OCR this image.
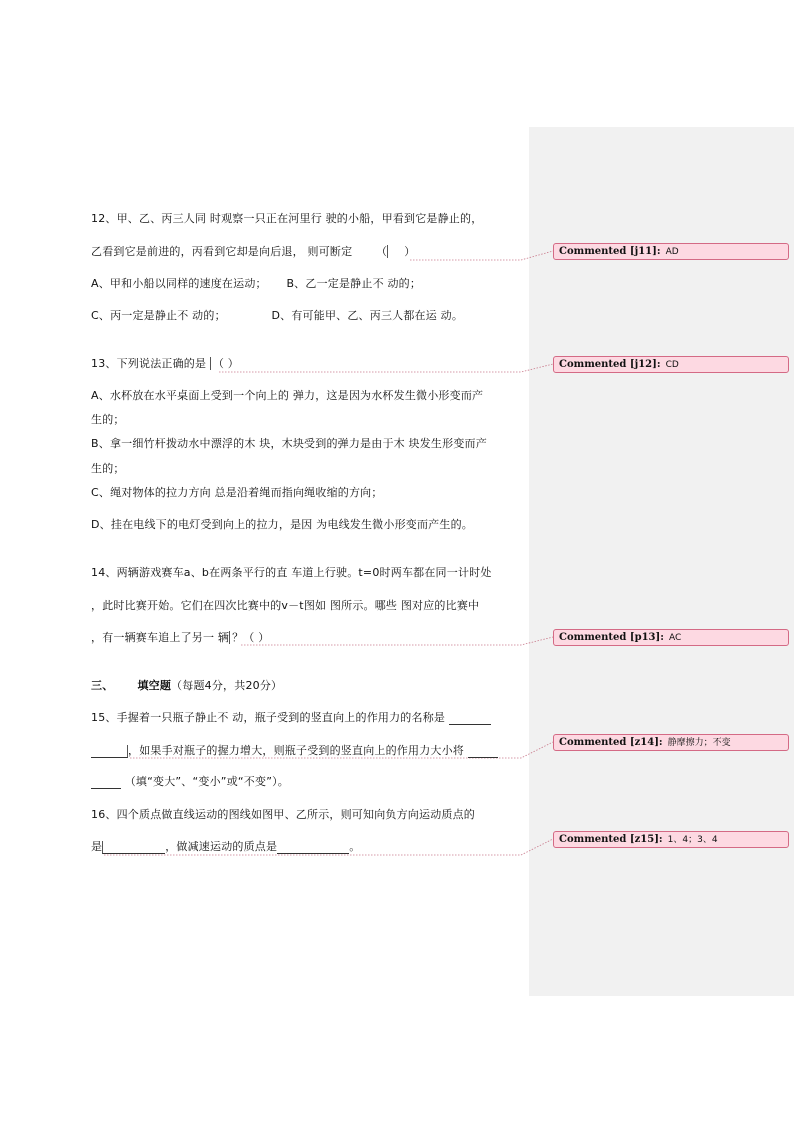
12、甲、乙、丙三人同 时观察一只正在河里行 驶的小船，甲看到它是静止的，
乙看到它是前进的，丙看到它却是向后退， 则可断定 （ ）
A、甲和小船以同样的速度在运动； B、乙一定是静止不 动的；
C、丙一定是静止不 动的；	D、有可能甲、乙、丙三人都在运 动。
13、下列说法正确的是 （ ）
A、水杯放在水平桌面上受到一个向上的 弹力，这是因为水杯发生微小形变而产
生的；
B、拿一细竹杆拨动水中漂浮的木 块，木块受到的弹力是由于木 块发生形变而产
生的；
C、绳对物体的拉力方向 总是沿着绳而指向绳收缩的方向；
D、挂在电线下的电灯受到向上的拉力，是因 为电线发生微小形变而产生的。
14、两辆游戏赛车a、b在两条平行的直 车道上行驶。t=0时两车都在同一计时处
，此时比赛开始。它们在四次比赛中的v－t图如 图所示。哪些 图对应的比赛中
，有一辆赛车追上了另一 辆 ？（ ）
三、 填空题（每题4分，共20分）
15、手握着一只瓶子静止不 动，瓶子受到的竖直向上的作用力的名称是
，如果手对瓶子的握力增大，则瓶子受到的竖直向上的作用力大小将
（填“变大”、“变小”或“不变”）。
16、四个质点做直线运动的图线如图甲、乙所示，则可知向负方向运动质点的
是	，做减速运动的质点是	。
Commented [j11]: AD
Commented [j12]: CD
Commented [p13]: AC
Commented [z14]: 静摩擦力；不变
Commented [z15]: 1、4；3、4
